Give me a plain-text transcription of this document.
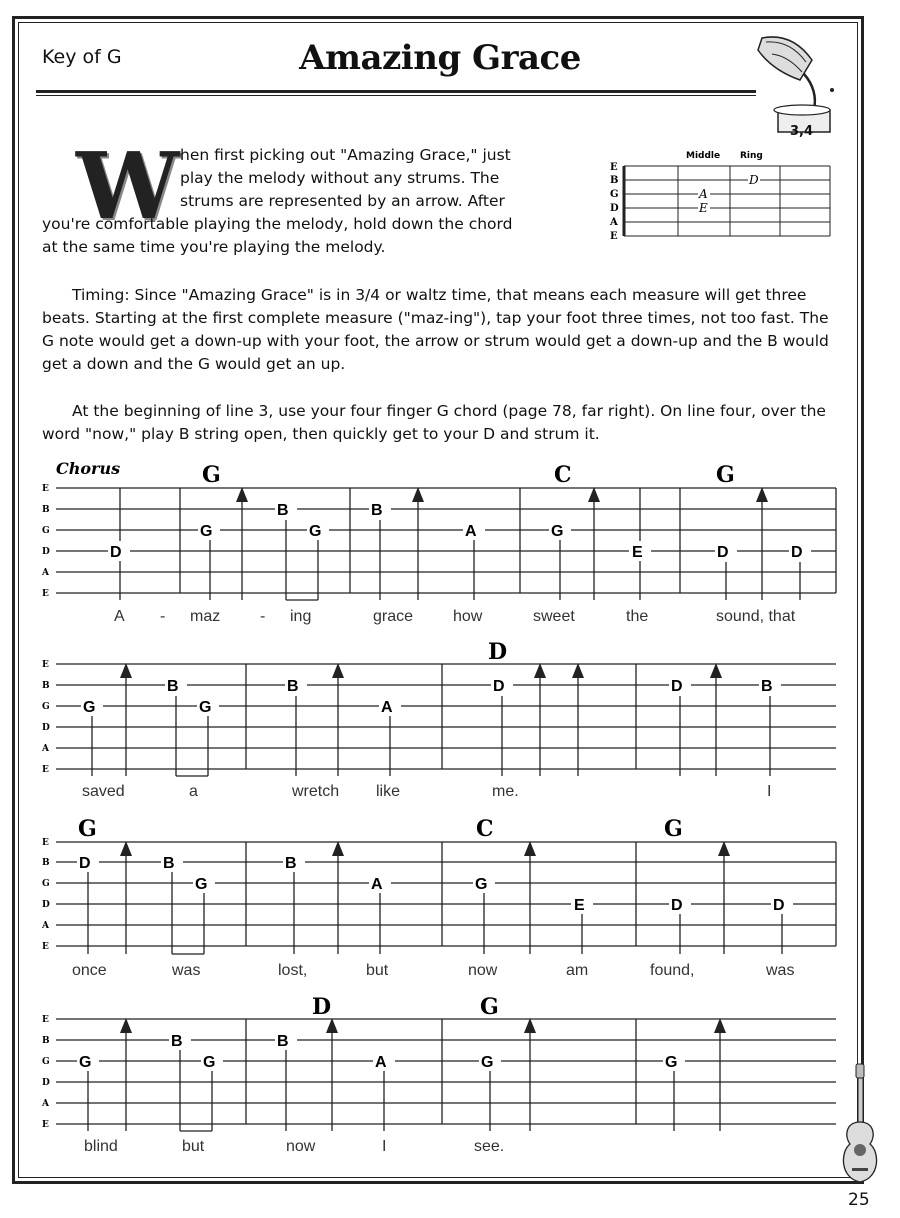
Key of G	Amazing Grace
3,4
W hen first picking out "Amazing Grace," just
play the melody without any strums. The
strums are represented by an arrow. After
you're comfortable playing the melody, hold down the chord
at the same time you're playing the melody.
Middle Ring
E
B
G
D
A
E
D
A
E
Timing: Since "Amazing Grace" is in 3/4 or waltz time, that means each measure will get three beats. Starting at the first complete measure ("maz-ing"), tap your foot three times, not too fast. The G note would get a down-up with your foot, the arrow or strum would get a down-up and the B would get a down and the G would get an up.
At the beginning of line 3, use your four finger G chord (page 78, far right). On line four, over the word "now," play B string open, then quickly get to your D and strum it.
Chorus
E
B
G
D
A
E
G	C	G
D
G
B
G
B
A	G
E	D	D
A - maz - ing	grace how	sweet	the	sound, that
E
B
G
D
A
E
D
G
B
G
B
A
D	D	B
saved	a	wretch like	me.	I
E
B
G
D
A
E
G	C	G
D	B
G
B
A	G
E	D	D
once	was	lost,	but	now	am	found,	was
E
B
G
D
A
E
D	G
G
B
G
B
A	G	G
blind	but	now	I	see.
25
